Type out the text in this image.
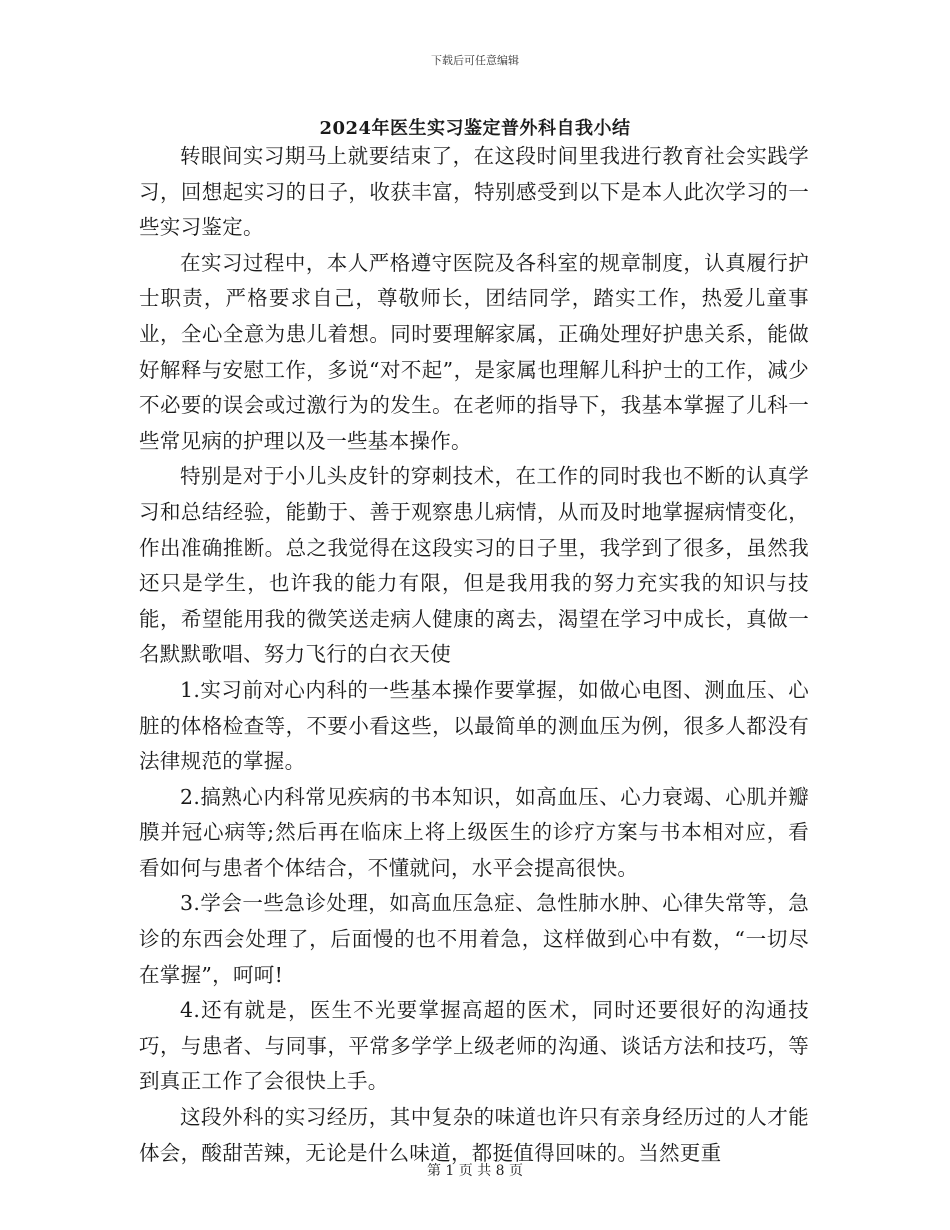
下载后可任意编辑
2024年医生实习鉴定普外科自我小结

转眼间实习期马上就要结束了，在这段时间里我进行教育社会实践学习，回想起实习的日子，收获丰富，特别感受到以下是本人此次学习的一些实习鉴定。

在实习过程中，本人严格遵守医院及各科室的规章制度，认真履行护士职责，严格要求自己，尊敬师长，团结同学，踏实工作，热爱儿童事业，全心全意为患儿着想。同时要理解家属，正确处理好护患关系，能做好解释与安慰工作，多说“对不起”，是家属也理解儿科护士的工作，减少不必要的误会或过激行为的发生。在老师的指导下，我基本掌握了儿科一些常见病的护理以及一些基本操作。

特别是对于小儿头皮针的穿刺技术，在工作的同时我也不断的认真学习和总结经验，能勤于、善于观察患儿病情，从而及时地掌握病情变化，作出准确推断。总之我觉得在这段实习的日子里，我学到了很多，虽然我还只是学生，也许我的能力有限，但是我用我的努力充实我的知识与技能，希望能用我的微笑送走病人健康的离去，渴望在学习中成长，真做一名默默歌唱、努力飞行的白衣天使

1.实习前对心内科的一些基本操作要掌握，如做心电图、测血压、心脏的体格检查等，不要小看这些，以最简单的测血压为例，很多人都没有法律规范的掌握。

2.搞熟心内科常见疾病的书本知识，如高血压、心力衰竭、心肌并瓣膜并冠心病等;然后再在临床上将上级医生的诊疗方案与书本相对应，看看如何与患者个体结合，不懂就问，水平会提高很快。

3.学会一些急诊处理，如高血压急症、急性肺水肿、心律失常等，急诊的东西会处理了，后面慢的也不用着急，这样做到心中有数，“一切尽在掌握”，呵呵!

4.还有就是，医生不光要掌握高超的医术，同时还要很好的沟通技巧，与患者、与同事，平常多学学上级老师的沟通、谈话方法和技巧，等到真正工作了会很快上手。

这段外科的实习经历，其中复杂的味道也许只有亲身经历过的人才能体会，酸甜苦辣，无论是什么味道，都挺值得回味的。当然更重

第 1 页 共 8 页
